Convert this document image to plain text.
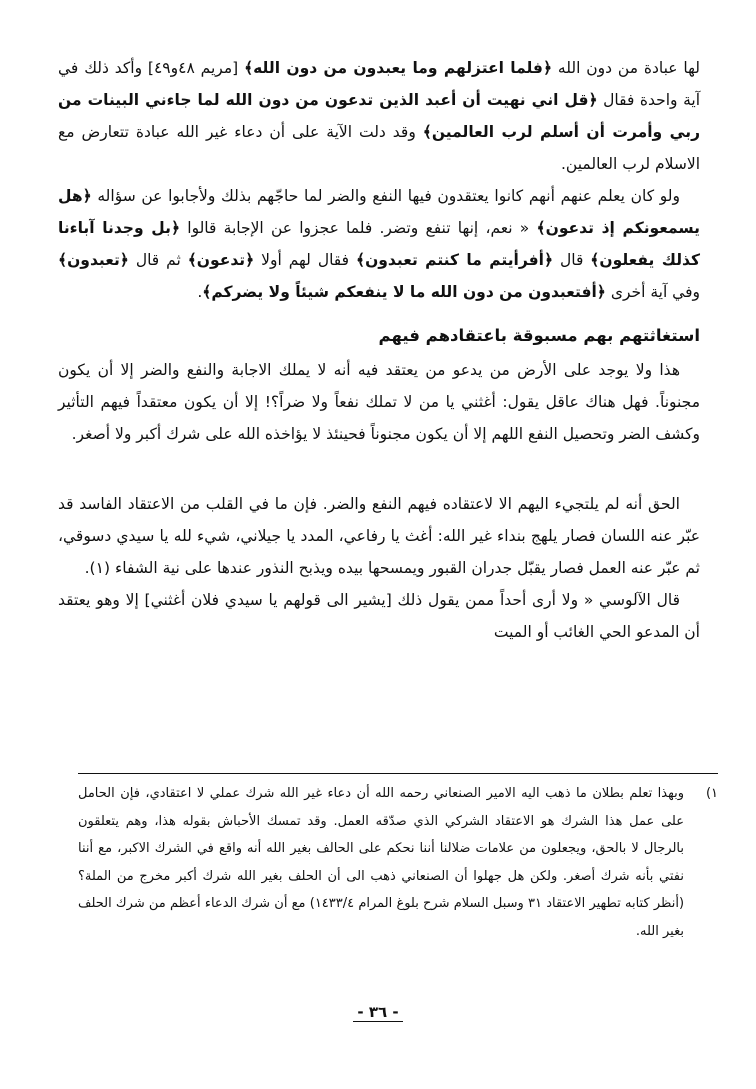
لها عبادة من دون الله ﴿فلما اعتزلهم وما يعبدون من دون الله﴾ [مريم ٤٨و٤٩] وأكد ذلك في آية واحدة فقال ﴿قل اني نهيت أن أعبد الذين تدعون من دون الله لما جاءني البينات من ربي وأمرت أن أسلم لرب العالمين﴾ وقد دلت الآية على أن دعاء غير الله عبادة تتعارض مع الاسلام لرب العالمين.

ولو كان يعلم عنهم أنهم كانوا يعتقدون فيها النفع والضر لما حاجّهم بذلك ولأجابوا عن سؤاله ﴿هل يسمعونكم إذ تدعون﴾ « نعم، إنها تنفع وتضر. فلما عجزوا عن الإجابة قالوا ﴿بل وجدنا آباءنا كذلك يفعلون﴾ قال ﴿أفرأيتم ما كنتم تعبدون﴾ فقال لهم أولا ﴿تدعون﴾ ثم قال ﴿تعبدون﴾ وفي آية أخرى ﴿أفتعبدون من دون الله ما لا ينفعكم شيئاً ولا يضركم﴾.

استغاثتهم بهم مسبوقة باعتقادهم فيهم

هذا ولا يوجد على الأرض من يدعو من يعتقد فيه أنه لا يملك الاجابة والنفع والضر إلا أن يكون مجنوناً. فهل هناك عاقل يقول: أغثني يا من لا تملك نفعاً ولا ضراً؟! إلا أن يكون معتقداً فيهم التأثير وكشف الضر وتحصيل النفع اللهم إلا أن يكون مجنوناً فحينئذ لا يؤاخذه الله على شرك أكبر ولا أصغر.

الحق أنه لم يلتجيء اليهم الا لاعتقاده فيهم النفع والضر. فإن ما في القلب من الاعتقاد الفاسد قد عبّر عنه اللسان فصار يلهج بنداء غير الله: أغث يا رفاعي، المدد يا جيلاني، شيء لله يا سيدي دسوقي، ثم عبّر عنه العمل فصار يقبّل جدران القبور ويمسحها بيده ويذبح النذور عندها على نية الشفاء (١).

قال الآلوسي « ولا أرى أحداً ممن يقول ذلك [يشير الى قولهم يا سيدي فلان أغثني] إلا وهو يعتقد أن المدعو الحي الغائب أو الميت

١)
وبهذا تعلم بطلان ما ذهب اليه الامير الصنعاني رحمه الله أن دعاء غير الله شرك عملي لا اعتقادي، فإن الحامل على عمل هذا الشرك هو الاعتقاد الشركي الذي صدّقه العمل. وقد تمسك الأحباش بقوله هذا، وهم يتعلقون بالرجال لا بالحق، ويجعلون من علامات ضلالنا أننا نحكم على الحالف بغير الله أنه واقع في الشرك الاكبر، مع أننا نفتي بأنه شرك أصغر. ولكن هل جهلوا أن الصنعاني ذهب الى أن الحلف بغير الله شرك أكبر مخرج من الملة؟ (أنظر كتابه تطهير الاعتقاد ٣١ وسبل السلام شرح بلوغ المرام ١٤٣٣/٤) مع أن شرك الدعاء أعظم من شرك الحلف بغير الله.
- ٣٦ -
